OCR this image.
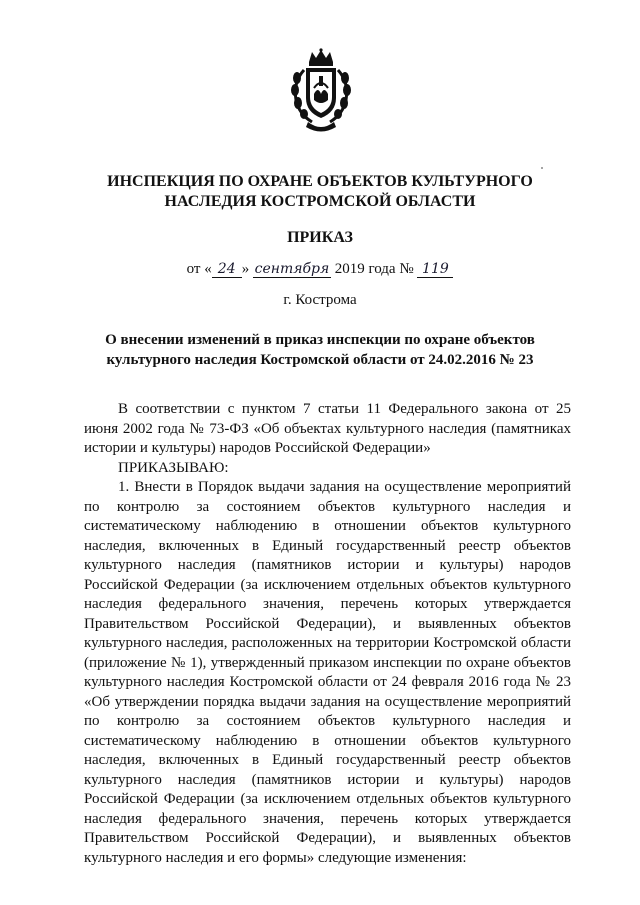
ИНСПЕКЦИЯ ПО ОХРАНЕ ОБЪЕКТОВ КУЛЬТУРНОГО
НАСЛЕДИЯ КОСТРОМСКОЙ ОБЛАСТИ
ПРИКАЗ
от « 24 » сентября 2019 года № 119
г. Кострома
О внесении изменений в приказ инспекции по охране объектов
культурного наследия Костромской области от 24.02.2016 № 23

В соответствии с пунктом 7 статьи 11 Федерального закона от 25 июня 2002 года № 73-ФЗ «Об объектах культурного наследия (памятниках истории и культуры) народов Российской Федерации»

ПРИКАЗЫВАЮ:

1. Внести в Порядок выдачи задания на осуществление мероприятий по контролю за состоянием объектов культурного наследия и систематическому наблюдению в отношении объектов культурного наследия, включенных в Единый государственный реестр объектов культурного наследия (памятников истории и культуры) народов Российской Федерации (за исключением отдельных объектов культурного наследия федерального значения, перечень которых утверждается Правительством Российской Федерации), и выявленных объектов культурного наследия, расположенных на территории Костромской области (приложение № 1), утвержденный приказом инспекции по охране объектов культурного наследия Костромской области от 24 февраля 2016 года № 23 «Об утверждении порядка выдачи задания на осуществление мероприятий по контролю за состоянием объектов культурного наследия и систематическому наблюдению в отношении объектов культурного наследия, включенных в Единый государственный реестр объектов культурного наследия (памятников истории и культуры) народов Российской Федерации (за исключением отдельных объектов культурного наследия федерального значения, перечень которых утверждается Правительством Российской Федерации), и выявленных объектов культурного наследия и его формы» следующие изменения:
